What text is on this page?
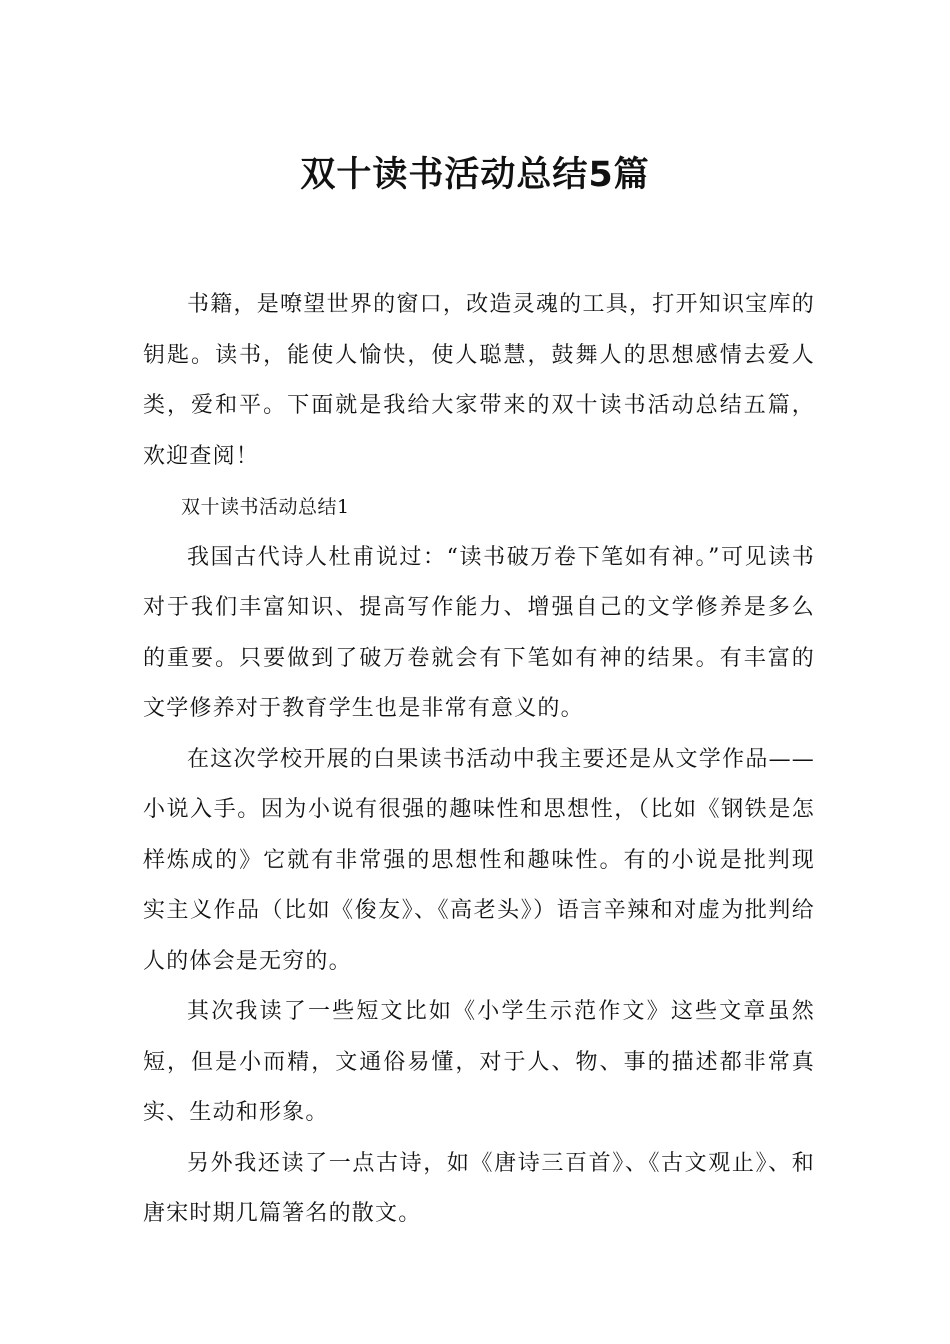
双十读书活动总结5篇

书籍，是嘹望世界的窗口，改造灵魂的工具，打开知识宝库的钥匙。读书，能使人愉快，使人聪慧，鼓舞人的思想感情去爱人类，爱和平。下面就是我给大家带来的双十读书活动总结五篇，欢迎查阅！

双十读书活动总结1

我国古代诗人杜甫说过：“读书破万卷下笔如有神。”可见读书对于我们丰富知识、提高写作能力、增强自己的文学修养是多么的重要。只要做到了破万卷就会有下笔如有神的结果。有丰富的文学修养对于教育学生也是非常有意义的。

在这次学校开展的白果读书活动中我主要还是从文学作品——小说入手。因为小说有很强的趣味性和思想性，（比如《钢铁是怎样炼成的》它就有非常强的思想性和趣味性。有的小说是批判现实主义作品（比如《俊友》、《高老头》）语言辛辣和对虚为批判给人的体会是无穷的。

其次我读了一些短文比如《小学生示范作文》这些文章虽然短，但是小而精，文通俗易懂，对于人、物、事的描述都非常真实、生动和形象。

另外我还读了一点古诗，如《唐诗三百首》、《古文观止》、和唐宋时期几篇箸名的散文。
